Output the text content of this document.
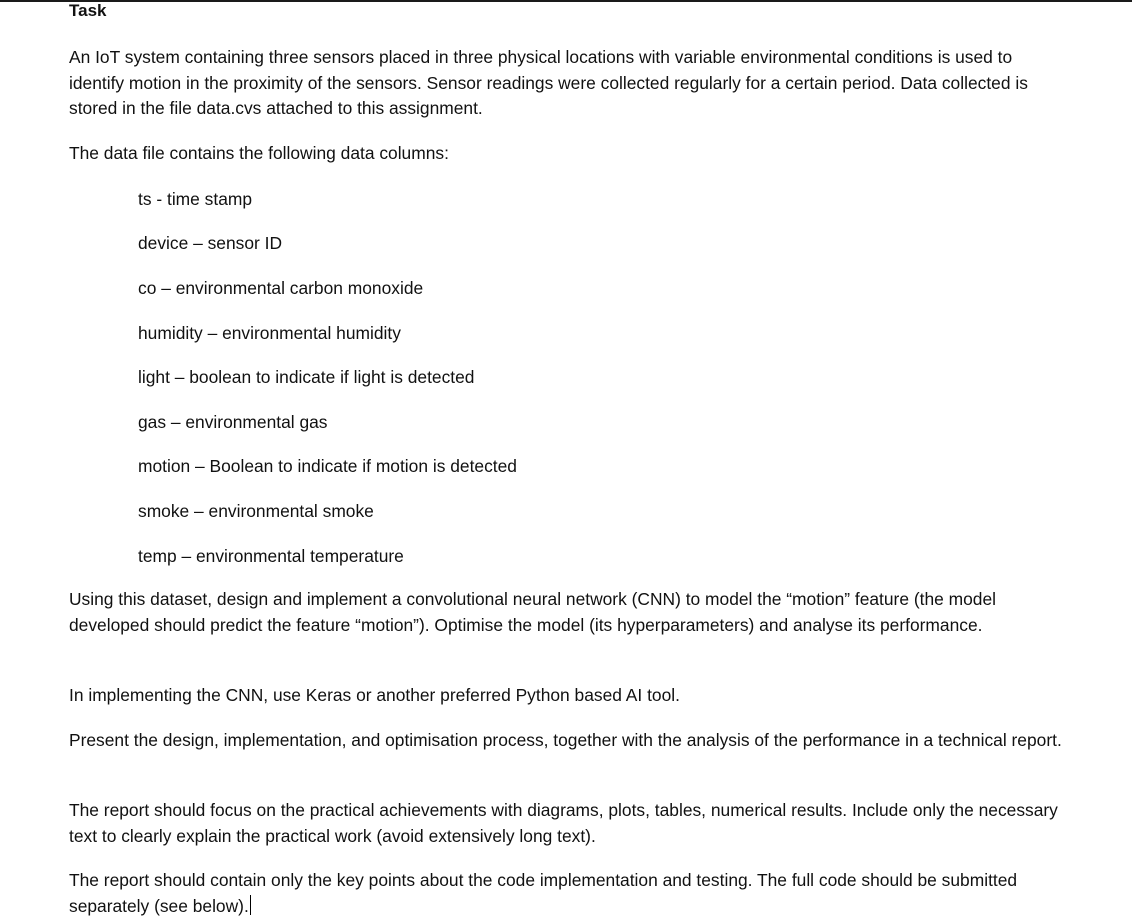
Task

An IoT system containing three sensors placed in three physical locations with variable environmental conditions is used to identify motion in the proximity of the sensors. Sensor readings were collected regularly for a certain period. Data collected is stored in the file data.cvs attached to this assignment.

The data file contains the following data columns:

ts - time stamp

device – sensor ID

co – environmental carbon monoxide

humidity – environmental humidity

light – boolean to indicate if light is detected

gas – environmental gas

motion – Boolean to indicate if motion is detected

smoke – environmental smoke

temp – environmental temperature

Using this dataset, design and implement a convolutional neural network (CNN) to model the “motion” feature (the model developed should predict the feature “motion”). Optimise the model (its hyperparameters) and analyse its performance.

In implementing the CNN, use Keras or another preferred Python based AI tool.

Present the design, implementation, and optimisation process, together with the analysis of the performance in a technical report.

The report should focus on the practical achievements with diagrams, plots, tables, numerical results. Include only the necessary text to clearly explain the practical work (avoid extensively long text).

The report should contain only the key points about the code implementation and testing. The full code should be submitted separately (see below).
